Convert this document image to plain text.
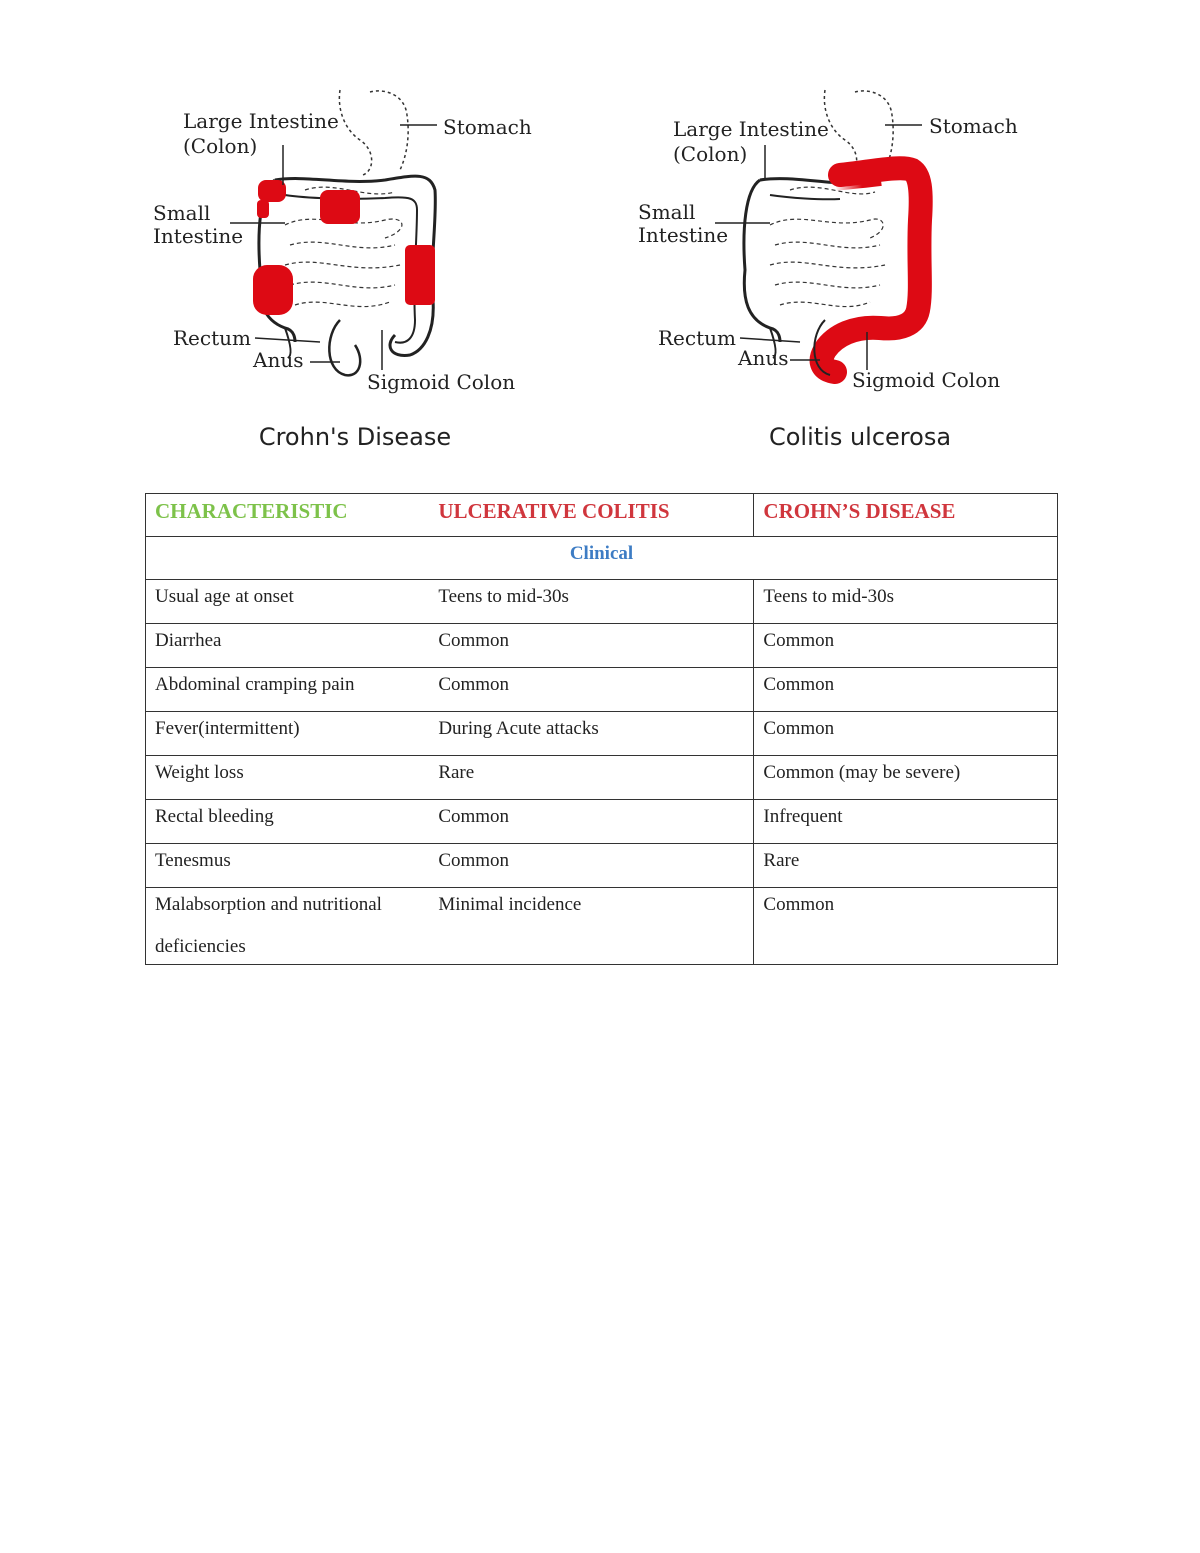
Large Intestine
(Colon)
Stomach
Small
Intestine
Rectum
Anus
Sigmoid Colon
Crohn's Disease
Large Intestine
(Colon)
Stomach
Small
Intestine
Rectum
Anus
Sigmoid Colon
Colitis ulcerosa
CHARACTERISTIC	ULCERATIVE COLITIS	CROHN’S DISEASE
Clinical		
Usual age at onset	Teens to mid-30s	Teens to mid-30s
Diarrhea	Common	Common
Abdominal cramping pain	Common	Common
Fever(intermittent)	During Acute attacks	Common
Weight loss	Rare	Common (may be severe)
Rectal bleeding	Common	Infrequent
Tenesmus	Common	Rare
Malabsorption and nutritional
deficiencies	Minimal incidence	Common
